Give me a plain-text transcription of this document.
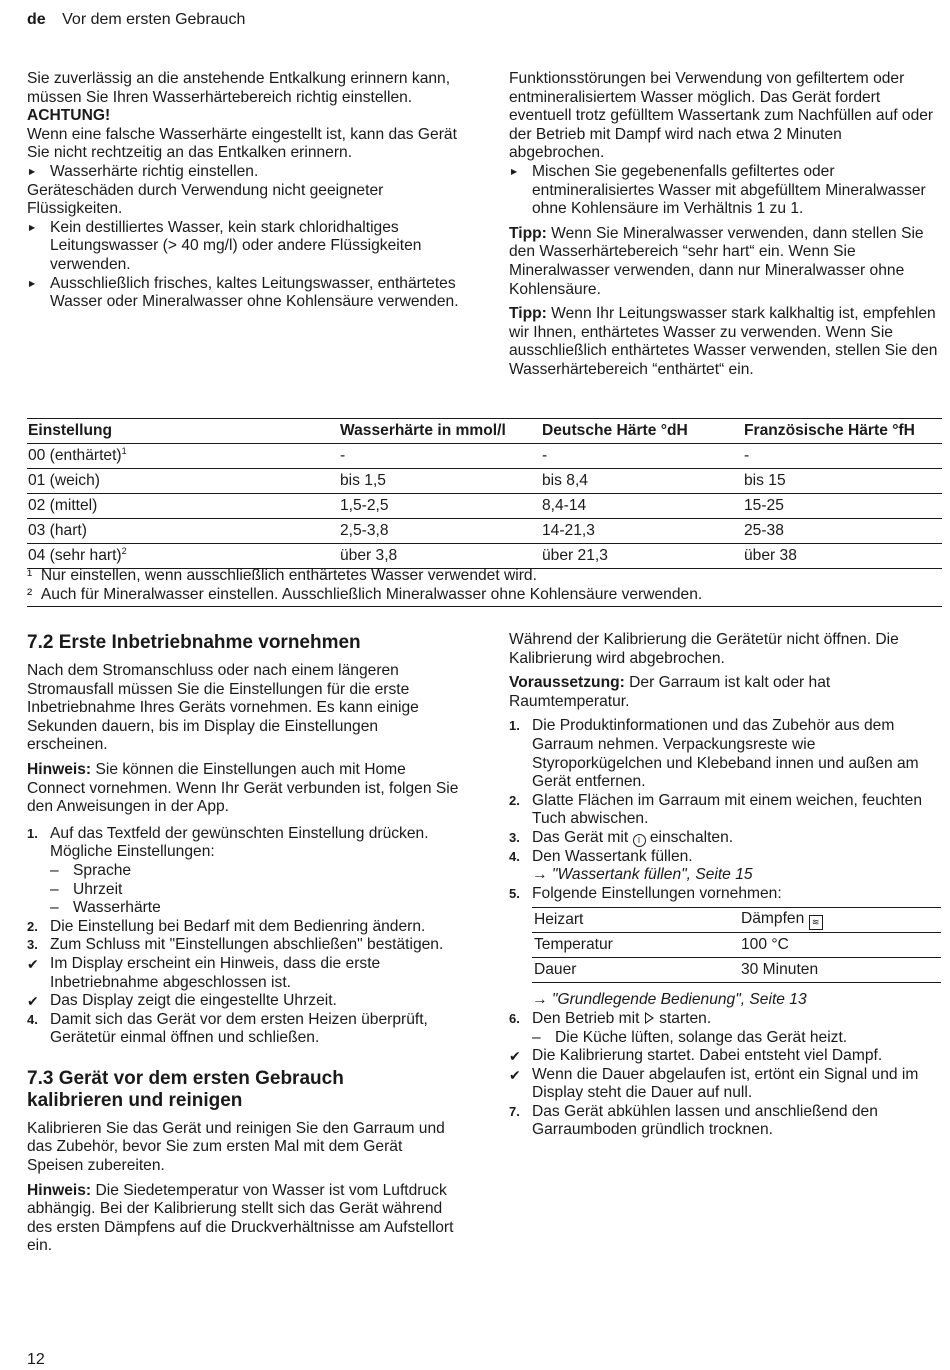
de Vor dem ersten Gebrauch

Sie zuverlässig an die anstehende Entkalkung erinnern kann, müssen Sie Ihren Wasserhärtebereich richtig einstellen.

ACHTUNG!

Wenn eine falsche Wasserhärte eingestellt ist, kann das Gerät Sie nicht rechtzeitig an das Entkalken erinnern.

▶ Wasserhärte richtig einstellen.

Geräteschäden durch Verwendung nicht geeigneter Flüssigkeiten.

▶ Kein destilliertes Wasser, kein stark chloridhaltiges Leitungswasser (> 40 mg/l) oder andere Flüssigkeiten verwenden.

▶ Ausschließlich frisches, kaltes Leitungswasser, enthärtetes Wasser oder Mineralwasser ohne Kohlensäure verwenden.

Funktionsstörungen bei Verwendung von gefiltertem oder entmineralisiertem Wasser möglich. Das Gerät fordert eventuell trotz gefülltem Wassertank zum Nachfüllen auf oder der Betrieb mit Dampf wird nach etwa 2 Minuten abgebrochen.

▶ Mischen Sie gegebenenfalls gefiltertes oder entmineralisiertes Wasser mit abgefülltem Mineralwasser ohne Kohlensäure im Verhältnis 1 zu 1.

Tipp: Wenn Sie Mineralwasser verwenden, dann stellen Sie den Wasserhärtebereich “sehr hart“ ein. Wenn Sie Mineralwasser verwenden, dann nur Mineralwasser ohne Kohlensäure.

Tipp: Wenn Ihr Leitungswasser stark kalkhaltig ist, empfehlen wir Ihnen, enthärtetes Wasser zu verwenden. Wenn Sie ausschließlich enthärtetes Wasser verwenden, stellen Sie den Wasserhärtebereich “enthärtet“ ein.

Einstellung	Wasserhärte in mmol/l	Deutsche Härte °dH	Französische Härte °fH
00 (enthärtet)$^1$	-	-	-
01 (weich)	bis 1,5	bis 8,4	bis 15
02 (mittel)	1,5-2,5	8,4-14	15-25
03 (hart)	2,5-3,8	14-21,3	25-38
04 (sehr hart)$^2$	über 3,8	über 21,3	über 38
¹ Nur einstellen, wenn ausschließlich enthärtetes Wasser verwendet wird.
² Auch für Mineralwasser einstellen. Ausschließlich Mineralwasser ohne Kohlensäure verwenden.
7.2 Erste Inbetriebnahme vornehmen

Nach dem Stromanschluss oder nach einem längeren Stromausfall müssen Sie die Einstellungen für die erste Inbetriebnahme Ihres Geräts vornehmen. Es kann einige Sekunden dauern, bis im Display die Einstellungen erscheinen.

Hinweis: Sie können die Einstellungen auch mit Home Connect vornehmen. Wenn Ihr Gerät verbunden ist, folgen Sie den Anweisungen in der App.

1. Auf das Textfeld der gewünschten Einstellung drücken.
Mögliche Einstellungen:

– Sprache

– Uhrzeit

– Wasserhärte

2. Die Einstellung bei Bedarf mit dem Bedienring ändern.
3. Zum Schluss mit "Einstellungen abschließen" bestätigen.
✔ Im Display erscheint ein Hinweis, dass die erste Inbetriebnahme abgeschlossen ist.
✔ Das Display zeigt die eingestellte Uhrzeit.
4. Damit sich das Gerät vor dem ersten Heizen überprüft, Gerätetür einmal öffnen und schließen.
7.3 Gerät vor dem ersten Gebrauch
kalibrieren und reinigen

Kalibrieren Sie das Gerät und reinigen Sie den Garraum und das Zubehör, bevor Sie zum ersten Mal mit dem Gerät Speisen zubereiten.

Hinweis: Die Siedetemperatur von Wasser ist vom Luftdruck abhängig. Bei der Kalibrierung stellt sich das Gerät während des ersten Dämpfens auf die Druckverhältnisse am Aufstellort ein.

Während der Kalibrierung die Gerätetür nicht öffnen. Die Kalibrierung wird abgebrochen.

Voraussetzung: Der Garraum ist kalt oder hat Raumtemperatur.

1. Die Produktinformationen und das Zubehör aus dem Garraum nehmen. Verpackungsreste wie Styroporkügelchen und Klebeband innen und außen am Gerät entfernen.
2. Glatte Flächen im Garraum mit einem weichen, feuchten Tuch abwischen.
3. Das Gerät mit I einschalten.
4. Den Wassertank füllen.

→ "Wassertank füllen", Seite 15

5. Folgende Einstellungen vornehmen:
Heizart	Dämpfen ≋
Temperatur	100 °C
Dauer	30 Minuten

→ "Grundlegende Bedienung", Seite 13

6. Den Betrieb mit starten.

– Die Küche lüften, solange das Gerät heizt.

✔ Die Kalibrierung startet. Dabei entsteht viel Dampf.
✔ Wenn die Dauer abgelaufen ist, ertönt ein Signal und im Display steht die Dauer auf null.
7. Das Gerät abkühlen lassen und anschließend den Garraumboden gründlich trocknen.
12
